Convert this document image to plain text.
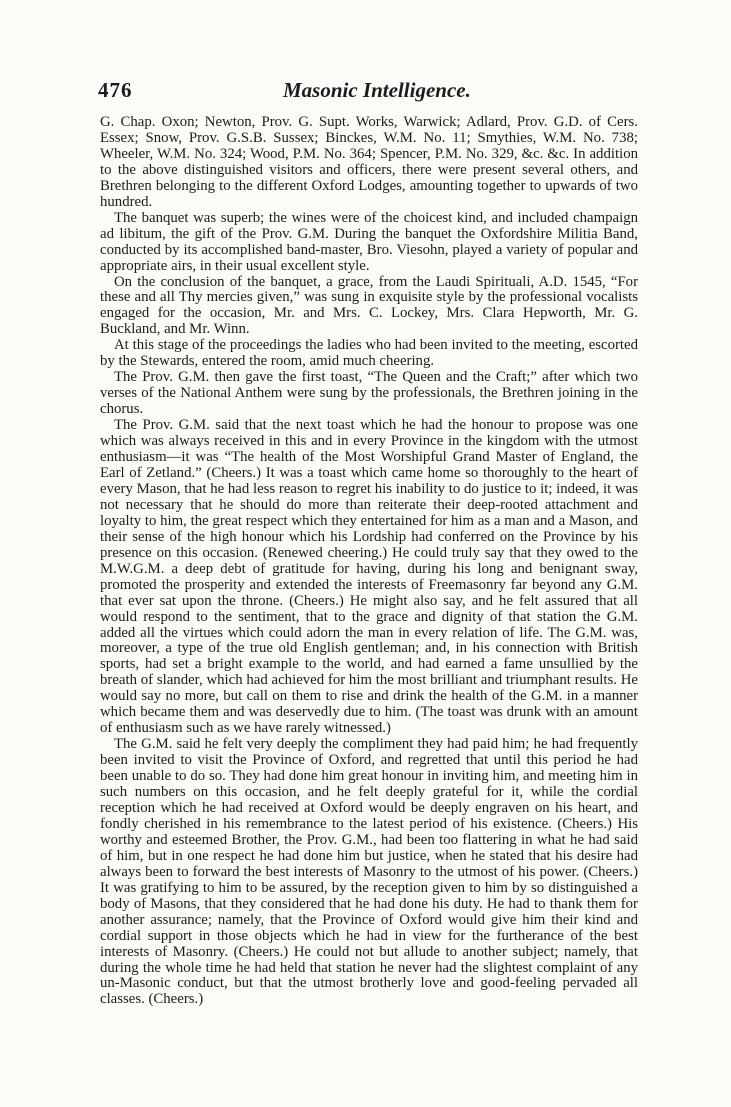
476	Masonic Intelligence.

G. Chap. Oxon; Newton, Prov. G. Supt. Works, Warwick; Adlard, Prov. G.D. of Cers. Essex; Snow, Prov. G.S.B. Sussex; Binckes, W.M. No. 11; Smythies, W.M. No. 738; Wheeler, W.M. No. 324; Wood, P.M. No. 364; Spencer, P.M. No. 329, &c. &c. In addition to the above distinguished visitors and officers, there were present several others, and Brethren belonging to the different Oxford Lodges, amounting together to upwards of two hundred.

The banquet was superb; the wines were of the choicest kind, and included champaign ad libitum, the gift of the Prov. G.M. During the banquet the Oxfordshire Militia Band, conducted by its accomplished band-master, Bro. Viesohn, played a variety of popular and appropriate airs, in their usual excellent style.

On the conclusion of the banquet, a grace, from the Laudi Spirituali, A.D. 1545, “For these and all Thy mercies given,” was sung in exquisite style by the professional vocalists engaged for the occasion, Mr. and Mrs. C. Lockey, Mrs. Clara Hepworth, Mr. G. Buckland, and Mr. Winn.

At this stage of the proceedings the ladies who had been invited to the meeting, escorted by the Stewards, entered the room, amid much cheering.

The Prov. G.M. then gave the first toast, “The Queen and the Craft;” after which two verses of the National Anthem were sung by the professionals, the Brethren joining in the chorus.

The Prov. G.M. said that the next toast which he had the honour to propose was one which was always received in this and in every Province in the kingdom with the utmost enthusiasm—it was “The health of the Most Worshipful Grand Master of England, the Earl of Zetland.” (Cheers.) It was a toast which came home so thoroughly to the heart of every Mason, that he had less reason to regret his inability to do justice to it; indeed, it was not necessary that he should do more than reiterate their deep-rooted attachment and loyalty to him, the great respect which they entertained for him as a man and a Mason, and their sense of the high honour which his Lordship had conferred on the Province by his presence on this occasion. (Renewed cheering.) He could truly say that they owed to the M.W.G.M. a deep debt of gratitude for having, during his long and benignant sway, promoted the prosperity and extended the interests of Freemasonry far beyond any G.M. that ever sat upon the throne. (Cheers.) He might also say, and he felt assured that all would respond to the sentiment, that to the grace and dignity of that station the G.M. added all the virtues which could adorn the man in every relation of life. The G.M. was, moreover, a type of the true old English gentleman; and, in his connection with British sports, had set a bright example to the world, and had earned a fame unsullied by the breath of slander, which had achieved for him the most brilliant and triumphant results. He would say no more, but call on them to rise and drink the health of the G.M. in a manner which became them and was deservedly due to him. (The toast was drunk with an amount of enthusiasm such as we have rarely witnessed.)

The G.M. said he felt very deeply the compliment they had paid him; he had frequently been invited to visit the Province of Oxford, and regretted that until this period he had been unable to do so. They had done him great honour in inviting him, and meeting him in such numbers on this occasion, and he felt deeply grateful for it, while the cordial reception which he had received at Oxford would be deeply engraven on his heart, and fondly cherished in his remembrance to the latest period of his existence. (Cheers.) His worthy and esteemed Brother, the Prov. G.M., had been too flattering in what he had said of him, but in one respect he had done him but justice, when he stated that his desire had always been to forward the best interests of Masonry to the utmost of his power. (Cheers.) It was gratifying to him to be assured, by the reception given to him by so distinguished a body of Masons, that they considered that he had done his duty. He had to thank them for another assurance; namely, that the Province of Oxford would give him their kind and cordial support in those objects which he had in view for the furtherance of the best interests of Masonry. (Cheers.) He could not but allude to another subject; namely, that during the whole time he had held that station he never had the slightest complaint of any un-Masonic conduct, but that the utmost brotherly love and good-feeling pervaded all classes. (Cheers.)
